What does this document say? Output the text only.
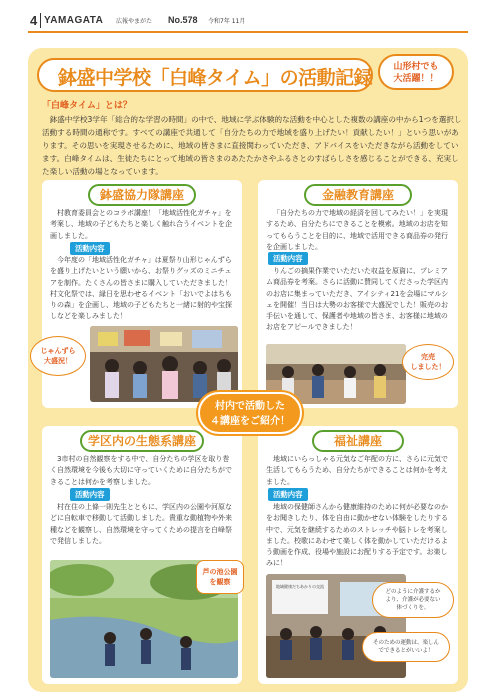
4 YAMAGATA 広報やまがた No.578 令和7年 11月
鉢盛中学校「白峰タイム」の活動記録	山形村でも
大活躍！！
「白峰タイム」とは？

鉢盛中学校3学年「総合的な学習の時間」の中で、地域に学ぶ体験的な活動を中心とした複数の講座の中から1つを選択し活動する時間の通称です。すべての講座で共通して「自分たちの力で地域を盛り上げたい！貢献したい！」という思いがあります。その思いを実現させるために、地域の皆さまに直接関わっていただき、アドバイスをいただきながら活動をしています。白峰タイムは、生徒たちにとって地域の皆さまのあたたかさやふるさとのすばらしさを感じることができる、充実した楽しい活動の場となっています。

鉢盛協力隊講座
村教育委員会とのコラボ講座！「地域活性化ガチャ」を考案し、地域の子どもたちと楽しく触れ合うイベントを企画しました。
活動内容
今年度の「地域活性化ガチャ」は夏祭り山形じゃんずらを盛り上げたいという願いから、お祭りグッズのミニチュアを制作。たくさんの皆さまに購入していただきました！
村文化祭では、縁日を思わせるイベント「おいでよはちもりの森」を企画し、地域の子どもたちと一緒に射的や宝探しなどを楽しみました！
じゃんずら
大盛況！
金融教育講座
「自分たちの力で地域の経済を回してみたい！」を実現するため、自分たちにできることを模索。地域のお店を知ってもらうことを目的に、地域で活用できる商品券の発行を企画しました。
活動内容
りんごの摘果作業でいただいた収益を原資に、プレミアム商品券を考案。さらに活動に賛同してくださった学区内のお店に集まっていただき、アイシティ21を会場にマルシェを開催！当日は大勢のお客様で大盛況でした！販売のお手伝いを通して、保護者や地域の皆さま、お客様に地域のお店をアピールできました！
完売
しました！
村内で活動した
４講座をご紹介！
学区内の生態系講座
3市村の自然観察をする中で、自分たちの学区を取り巻く自然環境を今後も大切に守っていくために自分たちができることは何かを考察しました。
活動内容
村在住の上條一則先生とともに、学区内の公園や河原などに自転車で移動して活動しました。貴重な動植物や外来種などを観察し、自然環境を守ってくための提言を白峰祭で発信しました。
芦の池公園
を観察
福祉講座
地域にいらっしゃる元気なご年配の方に、さらに元気で生活してもらうため、自分たちができることは何かを考えました。
活動内容
地域の保健師さんから健康維持のために何が必要なのかをお聞きしたり、体を自由に動かせない体験をしたりする中で、元気を継続するためのストレッチや脳トレを考案しました。校歌にあわせて楽しく体を動かしていただけるよう動画を作成、役場や施設にお配りする予定です。お楽しみに！
地域健康だちあかりの交流
どのように介護するか
より、介護が必要ない
体づくりを。
そのための運動は、楽しん
でできるとがいいよ！
